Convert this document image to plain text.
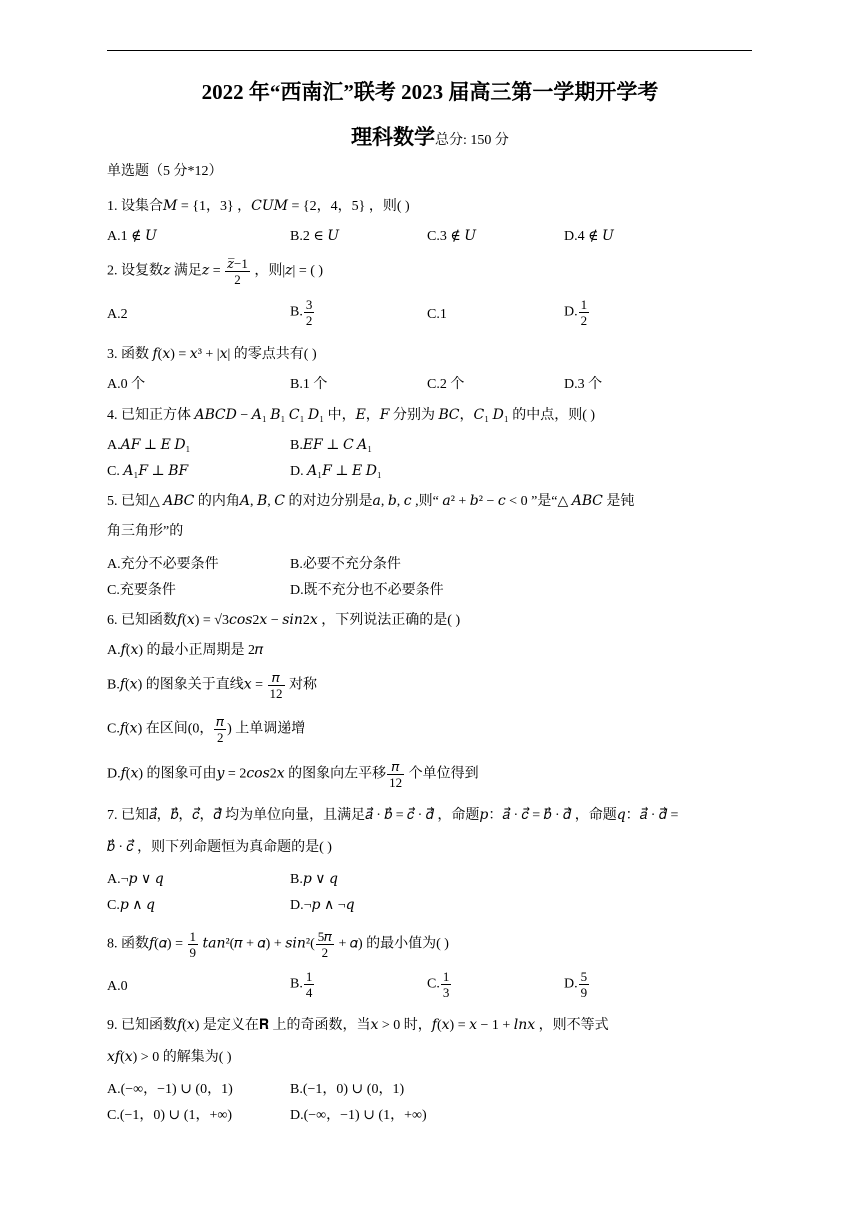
2022 年“西南汇”联考 2023 届高三第一学期开学考
理科数学总分: 150 分
单选题（5 分*12）
1. 设集合𝑀 = {1，3} ，𝐶𝑈𝑀 = {2，4，5} ，则( )
A.1 ∉ 𝑈	B.2 ∈ 𝑈	C.3 ∉ 𝑈	D.4 ∉ 𝑈
2. 设复数𝑧 满足𝑧 = $\frac{\text{𝑧̅−1}}{2}$ ，则|𝑧| = ( )
A.2	B. $\frac{3}{2}$	C.1	D. $\frac{1}{2}$
3. 函数 𝑓(𝑥) = 𝑥³ + |𝑥| 的零点共有( )
A.0 个	B.1 个	C.2 个	D.3 个
4. 已知正方体 𝐴𝐵𝐶𝐷 − 𝐴₁ 𝐵₁ 𝐶₁ 𝐷₁ 中，𝐸，𝐹 分别为 𝐵𝐶，𝐶₁ 𝐷₁ 的中点，则( )
A.𝐴𝐹 ⊥ 𝐸 𝐷₁	B.𝐸𝐹 ⊥ 𝐶 𝐴₁
C. 𝐴₁𝐹 ⊥ 𝐵𝐹	D. 𝐴₁𝐹 ⊥ 𝐸 𝐷₁
5. 已知△ 𝐴𝐵𝐶 的内角𝐴, 𝐵, 𝐶 的对边分别是𝑎, 𝑏, 𝑐 ,则“ 𝑎² + 𝑏² − 𝑐 < 0 ”是“△ 𝐴𝐵𝐶 是钝
角三角形”的
A.充分不必要条件	B.必要不充分条件
C.充要条件	D.既不充分也不必要条件
6. 已知函数𝑓(𝑥) = √3𝑐𝑜𝑠2𝑥 − 𝑠𝑖𝑛2𝑥 ，下列说法正确的是( )
A.𝑓(𝑥) 的最小正周期是 2𝜋
B.𝑓(𝑥) 的图象关于直线𝑥 = $\frac{\text{𝜋}}{12}$ 对称
C.𝑓(𝑥) 在区间(0， $\frac{\text{𝜋}}{2}$ ) 上单调递增
D.𝑓(𝑥) 的图象可由𝑦 = 2𝑐𝑜𝑠2𝑥 的图象向左平移 $\frac{\text{𝜋}}{12}$ 个单位得到
7. 已知𝑎⃗，𝑏⃗，𝑐⃗，𝑑⃗ 均为单位向量，且满足𝑎⃗ · 𝑏⃗ = 𝑐⃗ · 𝑑⃗ ，命题𝑝：𝑎⃗ · 𝑐⃗ = 𝑏⃗ · 𝑑⃗ ，命题𝑞：𝑎⃗ · 𝑑⃗ =
𝑏⃗ · 𝑐⃗ ，则下列命题恒为真命题的是( )
A.¬𝑝 ∨ 𝑞	B.𝑝 ∨ 𝑞
C.𝑝 ∧ 𝑞	D.¬𝑝 ∧ ¬𝑞
8. 函数𝑓(𝛼) = $\frac{1}{9}$ 𝑡𝑎𝑛²(𝜋 + 𝛼) + 𝑠𝑖𝑛²( $\frac{\text{5𝜋}}{2}$ + 𝛼) 的最小值为( )
A.0	B. $\frac{1}{4}$	C. $\frac{1}{3}$	D. $\frac{5}{9}$
9. 已知函数𝑓(𝑥) 是定义在𝐑 上的奇函数，当𝑥 > 0 时，𝑓(𝑥) = 𝑥 − 1 + 𝑙𝑛𝑥 ，则不等式
𝑥𝑓(𝑥) > 0 的解集为( )
A.(−∞，−1) ∪ (0，1)	B.(−1，0) ∪ (0，1)
C.(−1，0) ∪ (1，+∞)	D.(−∞，−1) ∪ (1，+∞)
